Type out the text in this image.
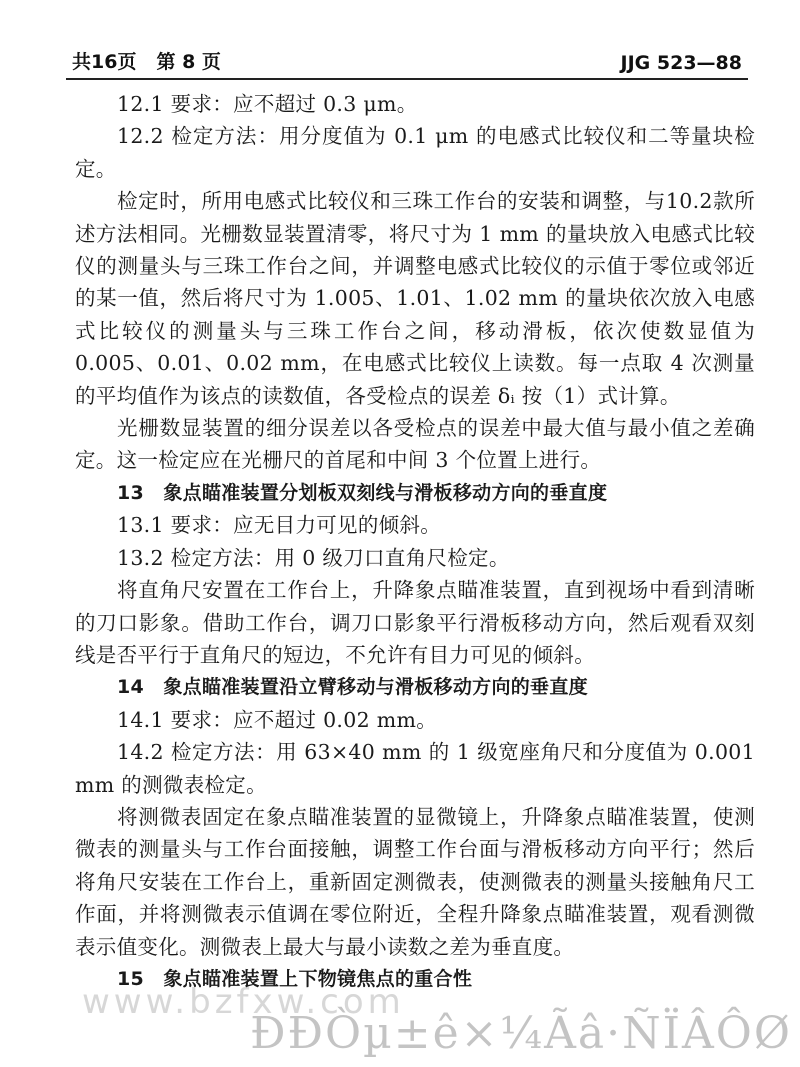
共16页 第 8 页	JJG 523—88

12.1 要求：应不超过 0.3 μm。

12.2 检定方法：用分度值为 0.1 μm 的电感式比较仪和二等量块检定。

检定时，所用电感式比较仪和三珠工作台的安装和调整，与10.2款所述方法相同。光栅数显装置清零，将尺寸为 1 mm 的量块放入电感式比较仪的测量头与三珠工作台之间，并调整电感式比较仪的示值于零位或邻近的某一值，然后将尺寸为 1.005、1.01、1.02 mm 的量块依次放入电感式比较仪的测量头与三珠工作台之间，移动滑板，依次使数显值为 0.005、0.01、0.02 mm，在电感式比较仪上读数。每一点取 4 次测量的平均值作为该点的读数值，各受检点的误差 δᵢ 按（1）式计算。

光栅数显装置的细分误差以各受检点的误差中最大值与最小值之差确定。这一检定应在光栅尺的首尾和中间 3 个位置上进行。

13　象点瞄准装置分划板双刻线与滑板移动方向的垂直度

13.1 要求：应无目力可见的倾斜。

13.2 检定方法：用 0 级刀口直角尺检定。

将直角尺安置在工作台上，升降象点瞄准装置，直到视场中看到清晰的刀口影象。借助工作台，调刀口影象平行滑板移动方向，然后观看双刻线是否平行于直角尺的短边，不允许有目力可见的倾斜。

14　象点瞄准装置沿立臂移动与滑板移动方向的垂直度

14.1 要求：应不超过 0.02 mm。

14.2 检定方法：用 63×40 mm 的 1 级宽座角尺和分度值为 0.001 mm 的测微表检定。

将测微表固定在象点瞄准装置的显微镜上，升降象点瞄准装置，使测微表的测量头与工作台面接触，调整工作台面与滑板移动方向平行；然后将角尺安装在工作台上，重新固定测微表，使测微表的测量头接触角尺工作面，并将测微表示值调在零位附近，全程升降象点瞄准装置，观看测微表示值变化。测微表上最大与最小读数之差为垂直度。

15　象点瞄准装置上下物镜焦点的重合性

www.bzfxw.com
ÐÐÒµ±ê×¼Ãâ·ÑÏÂÔØ
